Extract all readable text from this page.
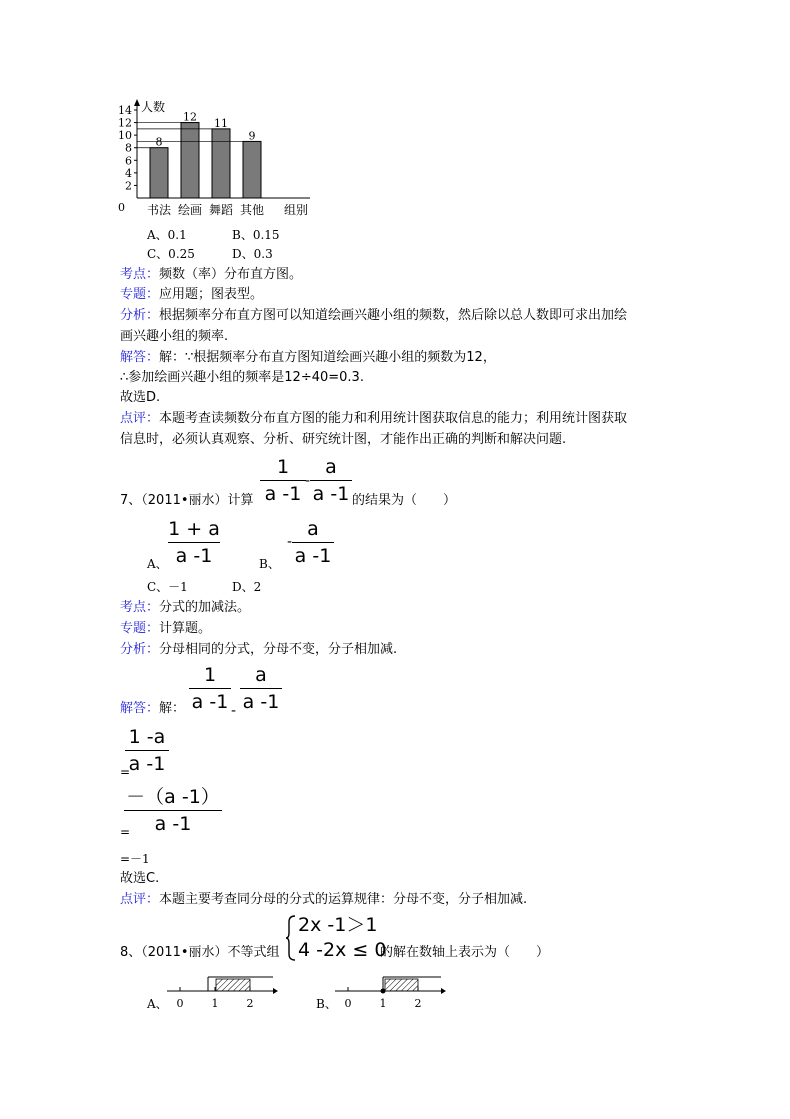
0
2
4
6
8
10
12
14 人数
8
书法
12
绘画
11
舞蹈
9
其他 组别
A、0.1	B、0.15
C、0.25	D、0.3
考点：频数（率）分布直方图。
专题：应用题；图表型。
分析：根据频率分布直方图可以知道绘画兴趣小组的频数，然后除以总人数即可求出加绘
画兴趣小组的频率.
解答：解：∵根据频率分布直方图知道绘画兴趣小组的频数为12，
∴参加绘画兴趣小组的频率是12÷40=0.3.
故选D.
点评：本题考查读频数分布直方图的能力和利用统计图获取信息的能力；利用统计图获取
信息时，必须认真观察、分析、研究统计图，才能作出正确的判断和解决问题.
7、（2011•丽水）计算
1
a -1
-
a
a -1 的结果为（　　）
A、
1 + a
a -1	B、
-
a
a -1
C、－1	D、2
考点：分式的加减法。
专题：计算题。
分析：分母相同的分式，分母不变，分子相加减.
解答：解：
1
a -1 -
a
a -1
=
1 -a
a -1
=
－（a -1）
a -1
=－1
故选C.
点评：本题主要考查同分母的分式的运算规律：分母不变，分子相加减.
8、（2011•丽水）不等式组
2x -1＞1
4 -2x ≤ 0
的解在数轴上表示为（　　）
A、 0	1	2	B、 0	1	2
